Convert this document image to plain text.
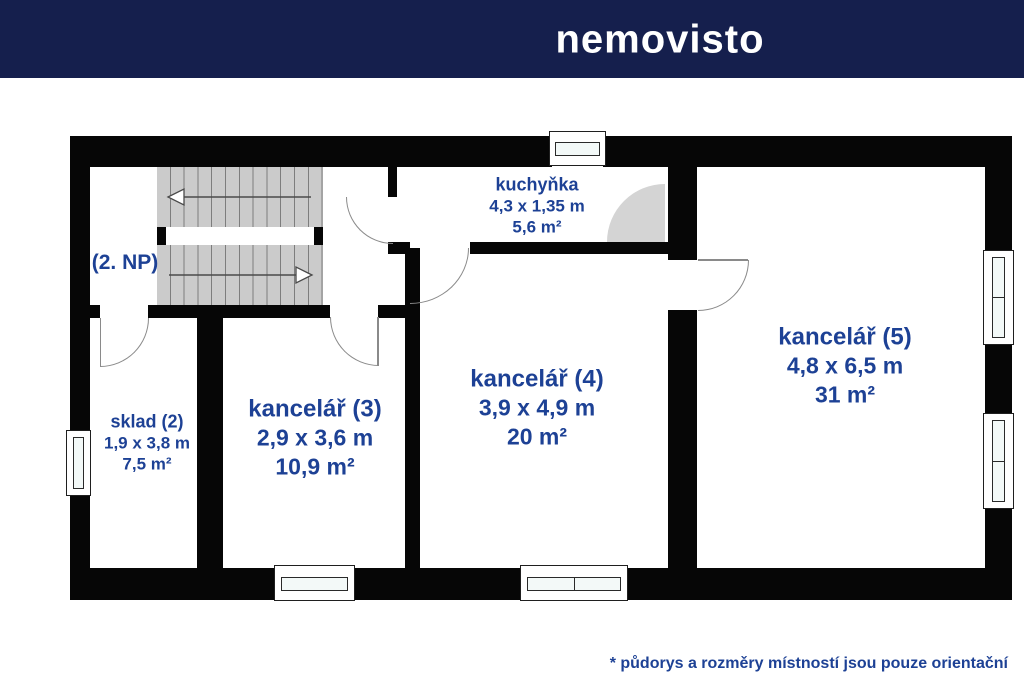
nemovisto
(2. NP)
kuchyňka
4,3 x 1,35 m
5,6 m²
sklad (2)
1,9 x 3,8 m
7,5 m²
kancelář (3)
2,9 x 3,6 m
10,9 m²
kancelář (4)
3,9 x 4,9 m
20 m²
kancelář (5)
4,8 x 6,5 m
31 m²
* půdorys a rozměry místností jsou pouze orientační
